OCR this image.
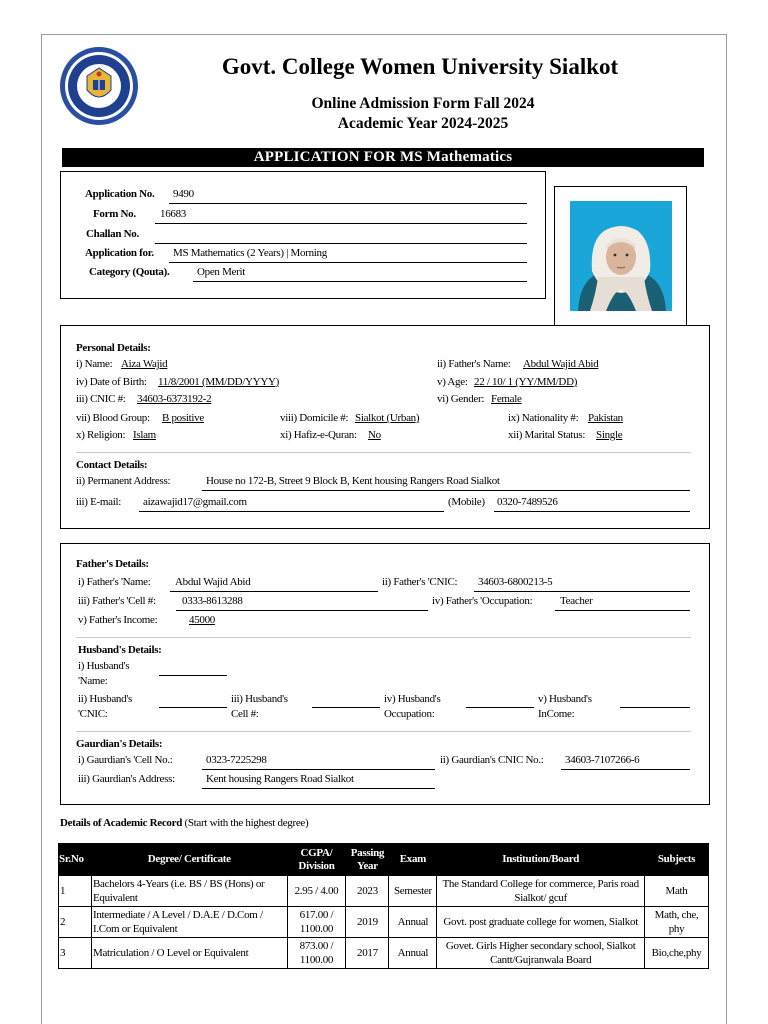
Govt. College Women University Sialkot
Online Admission Form Fall 2024
Academic Year 2024-2025
APPLICATION FOR MS Mathematics
Application No. 9490
Form No. 16683
Challan No.
Application for. MS Mathematics (2 Years) | Morning
Category (Qouta).	Open Merit
Personal Details:
i) Name: Aiza Wajid	ii) Father's Name: Abdul Wajid Abid
iv) Date of Birth: 11/8/2001 (MM/DD/YYYY)	v) Age: 22 / 10/ 1 (YY/MM/DD)
iii) CNIC #: 34603-6373192-2	vi) Gender: Female
vii) Blood Group: B positive	viii) Domicile #: Sialkot (Urban)	ix) Nationality #: Pakistan
x) Religion: Islam	xi) Hafiz-e-Quran: No	xii) Marital Status: Single
Contact Details:
ii) Permanent Address:	House no 172-B, Street 9 Block B, Kent housing Rangers Road Sialkot
iii) E-mail: aizawajid17@gmail.com	(Mobile) 0320-7489526
Father's Details:
i) Father's 'Name: Abdul Wajid Abid	ii) Father's 'CNIC: 34603-6800213-5
iii) Father's 'Cell #: 0333-8613288	iv) Father's 'Occupation:	Teacher
v) Father's Income:	45000
Husband's Details:
i) Husband's
'Name:
ii) Husband's
'CNIC:
iii) Husband's
Cell #:
iv) Husband's
Occupation:
v) Husband's
InCome:
Gaurdian's Details:
i) Gaurdian's 'Cell No.:	0323-7225298	ii) Gaurdian's CNIC No.: 34603-7107266-6
iii) Gaurdian's Address:	Kent housing Rangers Road Sialkot
Details of Academic Record (Start with the highest degree)
Sr.No	Degree/ Certificate	CGPA/ Division	Passing Year	Exam	Institution/Board	Subjects
1	Bachelors 4-Years (i.e. BS / BS (Hons) or Equivalent	2.95 / 4.00	2023	Semester	The Standard College for commerce, Paris road Sialkot/ gcuf	Math
2	Intermediate / A Level / D.A.E / D.Com / I.Com or Equivalent	617.00 / 1100.00	2019	Annual	Govt. post graduate college for women, Sialkot	Math, che, phy
3	Matriculation / O Level or Equivalent	873.00 / 1100.00	2017	Annual	Govet. Girls Higher secondary school, Sialkot Cantt/Gujranwala Board	Bio,che,phy
